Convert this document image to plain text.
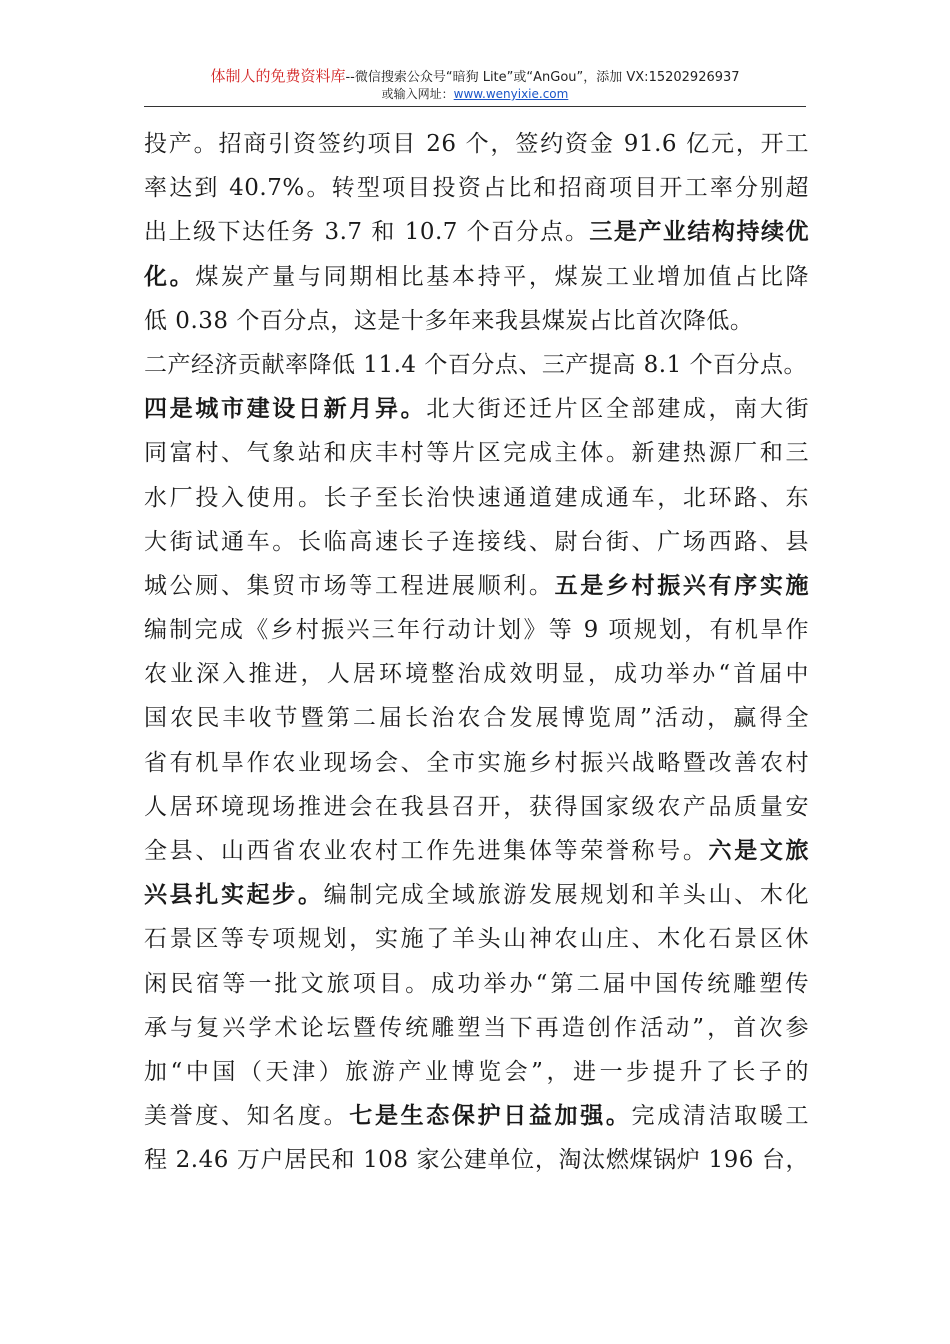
体制人的免费资料库--微信搜索公众号“暗狗 Lite”或“AnGou”，添加 VX:15202926937
或输入网址：www.wenyixie.com
投产。招商引资签约项目 26 个，签约资金 91.6 亿元，开工
率达到 40.7%。转型项目投资占比和招商项目开工率分别超
出上级下达任务 3.7 和 10.7 个百分点。三是产业结构持续优
化。煤炭产量与同期相比基本持平，煤炭工业增加值占比降
低 0.38 个百分点，这是十多年来我县煤炭占比首次降低。
二产经济贡献率降低 11.4 个百分点、三产提高 8.1 个百分点。
四是城市建设日新月异。北大街还迁片区全部建成，南大街
同富村、气象站和庆丰村等片区完成主体。新建热源厂和三
水厂投入使用。长子至长治快速通道建成通车，北环路、东
大街试通车。长临高速长子连接线、尉台街、广场西路、县
城公厕、集贸市场等工程进展顺利。五是乡村振兴有序实施
编制完成《乡村振兴三年行动计划》等 9 项规划，有机旱作
农业深入推进，人居环境整治成效明显，成功举办“首届中
国农民丰收节暨第二届长治农合发展博览周”活动，赢得全
省有机旱作农业现场会、全市实施乡村振兴战略暨改善农村
人居环境现场推进会在我县召开，获得国家级农产品质量安
全县、山西省农业农村工作先进集体等荣誉称号。六是文旅
兴县扎实起步。编制完成全域旅游发展规划和羊头山、木化
石景区等专项规划，实施了羊头山神农山庄、木化石景区休
闲民宿等一批文旅项目。成功举办“第二届中国传统雕塑传
承与复兴学术论坛暨传统雕塑当下再造创作活动”，首次参
加“中国（天津）旅游产业博览会”，进一步提升了长子的
美誉度、知名度。七是生态保护日益加强。完成清洁取暖工
程 2.46 万户居民和 108 家公建单位，淘汰燃煤锅炉 196 台，
